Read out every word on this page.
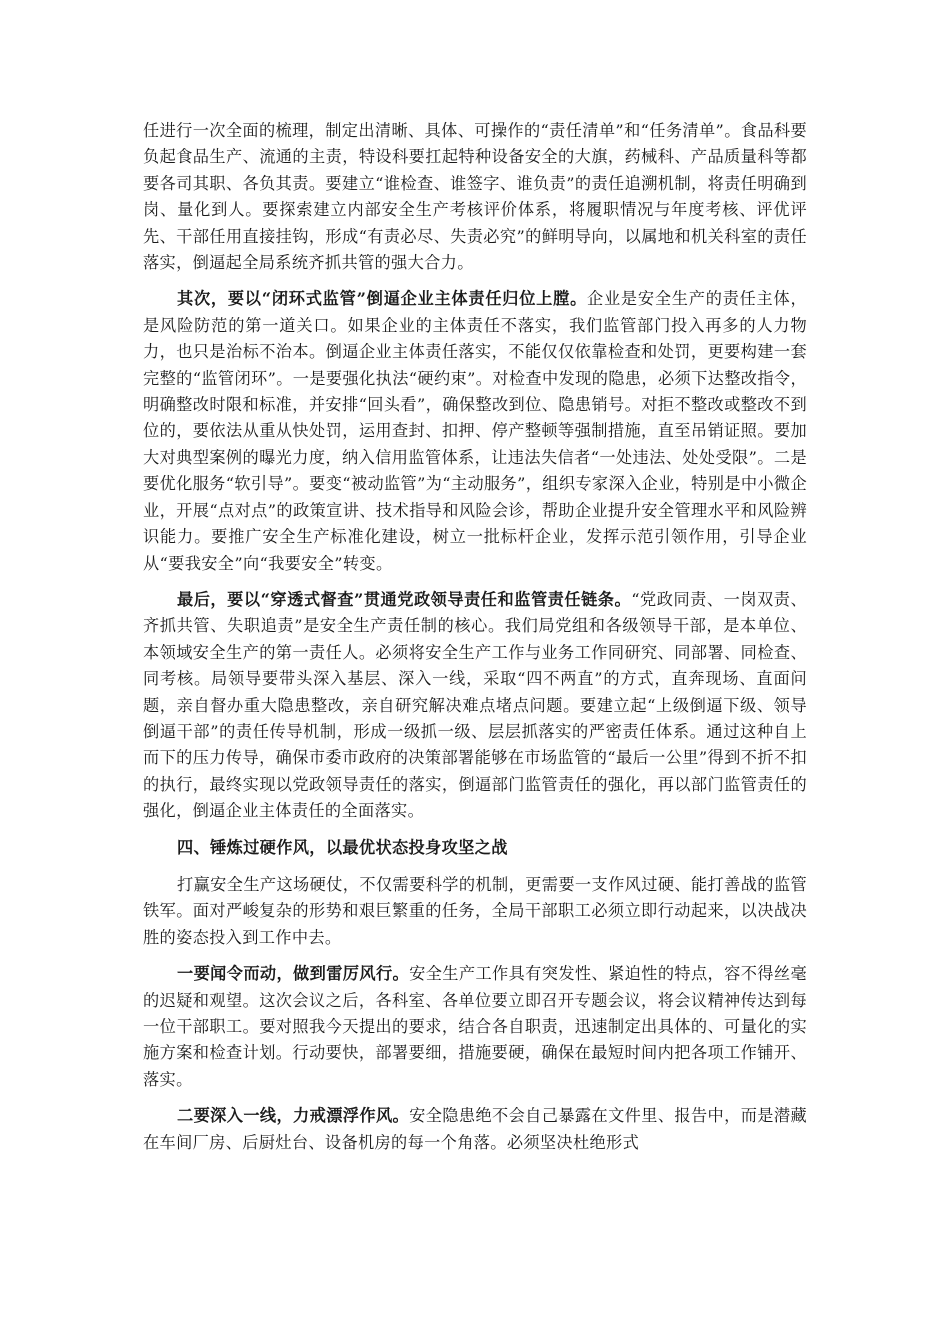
任进行一次全面的梳理，制定出清晰、具体、可操作的“责任清单”和“任务清单”。食品科要负起食品生产、流通的主责，特设科要扛起特种设备安全的大旗，药械科、产品质量科等都要各司其职、各负其责。要建立“谁检查、谁签字、谁负责”的责任追溯机制，将责任明确到岗、量化到人。要探索建立内部安全生产考核评价体系，将履职情况与年度考核、评优评先、干部任用直接挂钩，形成“有责必尽、失责必究”的鲜明导向，以属地和机关科室的责任落实，倒逼起全局系统齐抓共管的强大合力。

其次，要以“闭环式监管”倒逼企业主体责任归位上膛。企业是安全生产的责任主体，是风险防范的第一道关口。如果企业的主体责任不落实，我们监管部门投入再多的人力物力，也只是治标不治本。倒逼企业主体责任落实，不能仅仅依靠检查和处罚，更要构建一套完整的“监管闭环”。一是要强化执法“硬约束”。对检查中发现的隐患，必须下达整改指令，明确整改时限和标准，并安排“回头看”，确保整改到位、隐患销号。对拒不整改或整改不到位的，要依法从重从快处罚，运用查封、扣押、停产整顿等强制措施，直至吊销证照。要加大对典型案例的曝光力度，纳入信用监管体系，让违法失信者“一处违法、处处受限”。二是要优化服务“软引导”。要变“被动监管”为“主动服务”，组织专家深入企业，特别是中小微企业，开展“点对点”的政策宣讲、技术指导和风险会诊，帮助企业提升安全管理水平和风险辨识能力。要推广安全生产标准化建设，树立一批标杆企业，发挥示范引领作用，引导企业从“要我安全”向“我要安全”转变。

最后，要以“穿透式督查”贯通党政领导责任和监管责任链条。“党政同责、一岗双责、齐抓共管、失职追责”是安全生产责任制的核心。我们局党组和各级领导干部，是本单位、本领域安全生产的第一责任人。必须将安全生产工作与业务工作同研究、同部署、同检查、同考核。局领导要带头深入基层、深入一线，采取“四不两直”的方式，直奔现场、直面问题，亲自督办重大隐患整改，亲自研究解决难点堵点问题。要建立起“上级倒逼下级、领导倒逼干部”的责任传导机制，形成一级抓一级、层层抓落实的严密责任体系。通过这种自上而下的压力传导，确保市委市政府的决策部署能够在市场监管的“最后一公里”得到不折不扣的执行，最终实现以党政领导责任的落实，倒逼部门监管责任的强化，再以部门监管责任的强化，倒逼企业主体责任的全面落实。

四、锤炼过硬作风，以最优状态投身攻坚之战

打赢安全生产这场硬仗，不仅需要科学的机制，更需要一支作风过硬、能打善战的监管铁军。面对严峻复杂的形势和艰巨繁重的任务，全局干部职工必须立即行动起来，以决战决胜的姿态投入到工作中去。

一要闻令而动，做到雷厉风行。安全生产工作具有突发性、紧迫性的特点，容不得丝毫的迟疑和观望。这次会议之后，各科室、各单位要立即召开专题会议，将会议精神传达到每一位干部职工。要对照我今天提出的要求，结合各自职责，迅速制定出具体的、可量化的实施方案和检查计划。行动要快，部署要细，措施要硬，确保在最短时间内把各项工作铺开、落实。

二要深入一线，力戒漂浮作风。安全隐患绝不会自己暴露在文件里、报告中，而是潜藏在车间厂房、后厨灶台、设备机房的每一个角落。必须坚决杜绝形式
